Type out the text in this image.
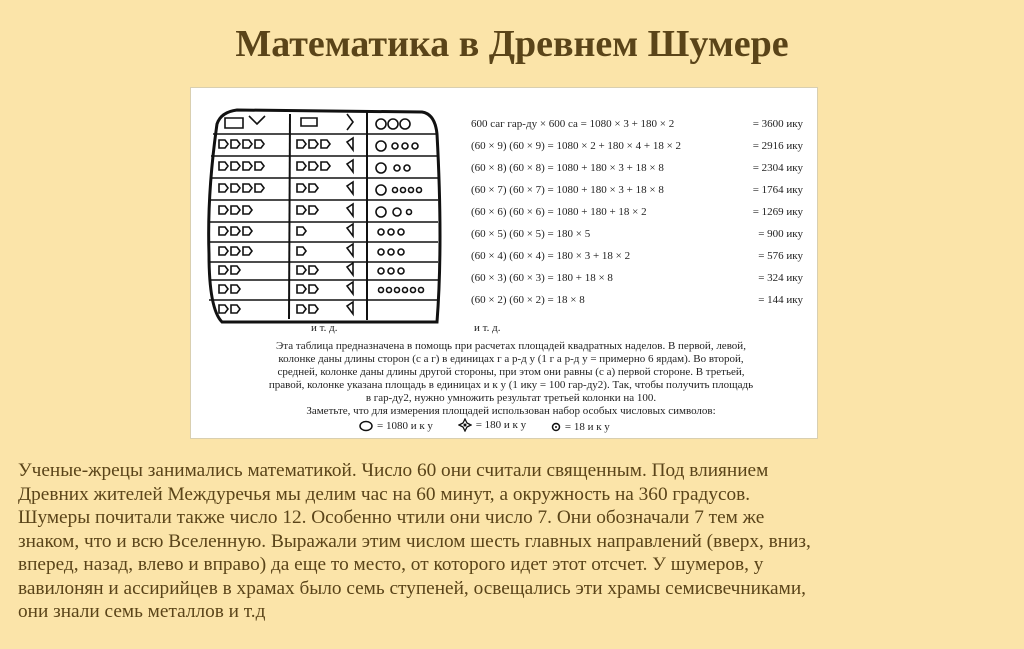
Математика в Древнем Шумере
600 саг гар-ду × 600 са = 1080 × 3 + 180 × 2	= 3600 ику
(60 × 9) (60 × 9) = 1080 × 2 + 180 × 4 + 18 × 2	= 2916 ику
(60 × 8) (60 × 8) = 1080 + 180 × 3 + 18 × 8	= 2304 ику
(60 × 7) (60 × 7) = 1080 + 180 × 3 + 18 × 8	= 1764 ику
(60 × 6) (60 × 6) = 1080 + 180 + 18 × 2	= 1269 ику
(60 × 5) (60 × 5) = 180 × 5	= 900 ику
(60 × 4) (60 × 4) = 180 × 3 + 18 × 2	= 576 ику
(60 × 3) (60 × 3) = 180 + 18 × 8	= 324 ику
(60 × 2) (60 × 2) = 18 × 8	= 144 ику
и т. д.	и т. д.
Эта таблица предназначена в помощь при расчетах площадей квадратных наделов. В первой, левой,
колонке даны длины сторон (с а г) в единицах г а р-д у (1 г а р-д у = примерно 6 ярдам). Во второй,
средней, колонке даны длины другой стороны, при этом они равны (с а) первой стороне. В третьей,
правой, колонке указана площадь в единицах и к у (1 ику = 100 гар-ду2). Так, чтобы получить площадь
в гар-ду2, нужно умножить результат третьей колонки на 100.
Заметьте, что для измерения площадей использован набор особых числовых символов:
= 1080 и к у
	= 180 и к у
	= 18 и к у
Ученые-жрецы занимались математикой. Число 60 они считали священным. Под влиянием
Древних жителей Междуречья мы делим час на 60 минут, а окружность на 360 градусов.
Шумеры почитали также число 12. Особенно чтили они число 7. Они обозначали 7 тем же
знаком, что и всю Вселенную. Выражали этим числом шесть главных направлений (вверх, вниз,
вперед, назад, влево и вправо) да еще то место, от которого идет этот отсчет. У шумеров, у
вавилонян и ассирийцев в храмах было семь ступеней, освещались эти храмы семисвечниками,
они знали семь металлов и т.д
